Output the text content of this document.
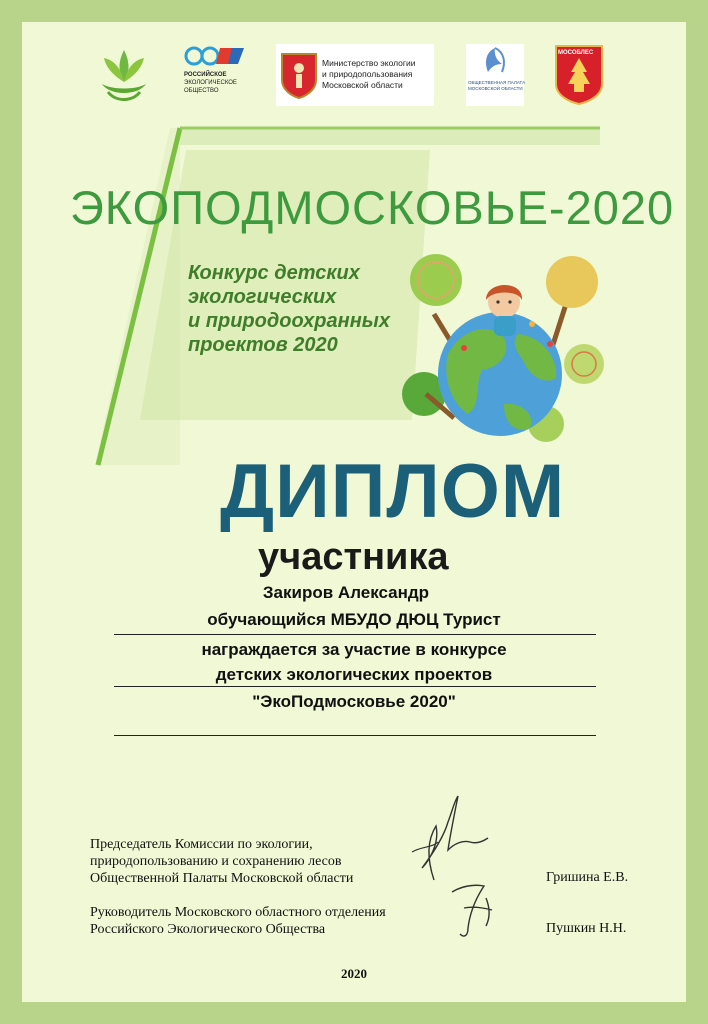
РОССИЙСКОЕ
ЭКОЛОГИЧЕСКОЕ
ОБЩЕСТВО
Министерство экологии
и природопользования
Московской области	ОБЩЕСТВЕННАЯ ПАЛАТА
МОСКОВСКОЙ ОБЛАСТИ
МОСОБЛЕС
ЭКОПОДМОСКОВЬЕ-2020
Конкурс детских
экологических
и природоохранных
проектов 2020
ДИПЛОМ
участника
Закиров Александр
обучающийся МБУДО ДЮЦ Турист
награждается за участие в конкурсе
детских экологических проектов
"ЭкоПодмосковье 2020"
Председатель Комиссии по экологии,
природопользованию и сохранению лесов
Общественной Палаты Московской области	Гришина Е.В.
Руководитель Московского областного отделения
Российского Экологического Общества	Пушкин Н.Н.
2020
